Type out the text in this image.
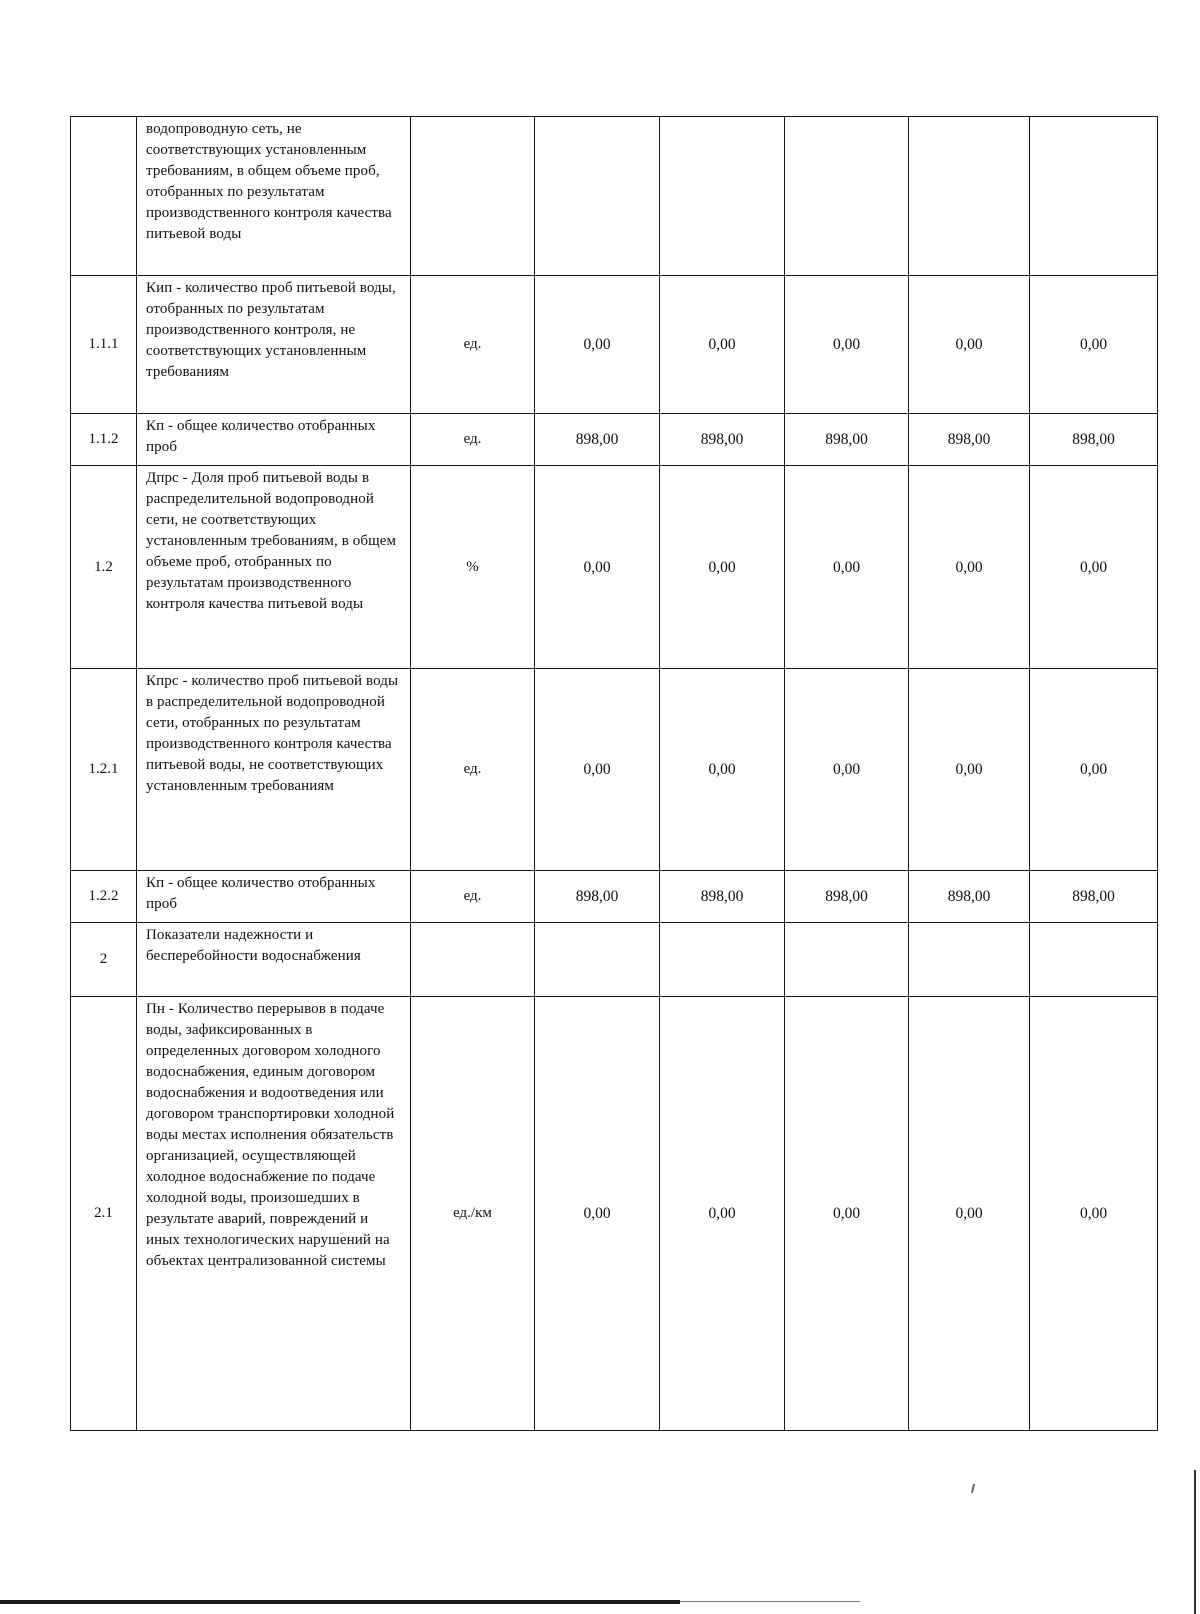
	водопроводную сеть, не соответствующих установленным требованиям, в общем объеме проб, отобранных по результатам производственного контроля качества питьевой воды						
1.1.1	Кип - количество проб питьевой воды, отобранных по результатам производственного контроля, не соответствующих установленным требованиям	ед.	0,00	0,00	0,00	0,00	0,00
1.1.2	Кп - общее количество отобранных проб	ед.	898,00	898,00	898,00	898,00	898,00
1.2	Дпрс - Доля проб питьевой воды в распределительной водопроводной сети, не соответствующих установленным требованиям, в общем объеме проб, отобранных по результатам производственного контроля качества питьевой воды	%	0,00	0,00	0,00	0,00	0,00
1.2.1	Кпрс - количество проб питьевой воды в распределительной водопроводной сети, отобранных по результатам производственного контроля качества питьевой воды, не соответствующих установленным требованиям	ед.	0,00	0,00	0,00	0,00	0,00
1.2.2	Кп - общее количество отобранных проб	ед.	898,00	898,00	898,00	898,00	898,00
2	Показатели надежности и бесперебойности водоснабжения						
2.1	Пн - Количество перерывов в подаче воды, зафиксированных в определенных договором холодного водоснабжения, единым договором водоснабжения и водоотведения или договором транспортировки холодной воды местах исполнения обязательств организацией, осуществляющей холодное водоснабжение по подаче холодной воды, произошедших в результате аварий, повреждений и иных технологических нарушений на объектах централизованной системы	ед./км	0,00	0,00	0,00	0,00	0,00
